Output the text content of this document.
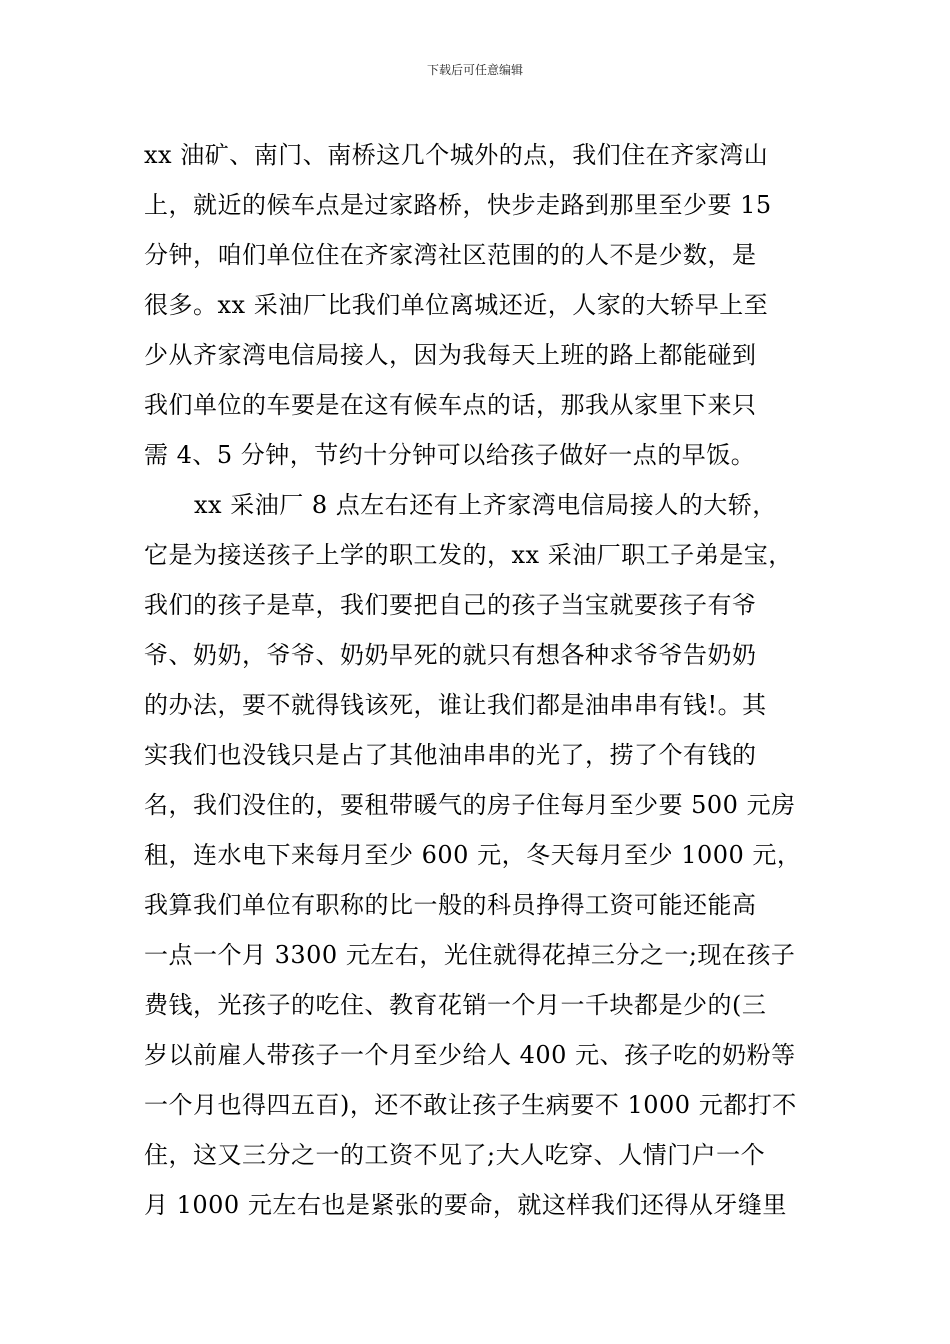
下载后可任意编辑
xx 油矿、南门、南桥这几个城外的点，我们住在齐家湾山
上，就近的候车点是过家路桥，快步走路到那里至少要 15
分钟，咱们单位住在齐家湾社区范围的的人不是少数，是
很多。xx 采油厂比我们单位离城还近，人家的大轿早上至
少从齐家湾电信局接人，因为我每天上班的路上都能碰到
我们单位的车要是在这有候车点的话，那我从家里下来只
需 4、5 分钟，节约十分钟可以给孩子做好一点的早饭。
xx 采油厂 8 点左右还有上齐家湾电信局接人的大轿，
它是为接送孩子上学的职工发的，xx 采油厂职工子弟是宝，
我们的孩子是草，我们要把自己的孩子当宝就要孩子有爷
爷、奶奶，爷爷、奶奶早死的就只有想各种求爷爷告奶奶
的办法，要不就得钱该死，谁让我们都是油串串有钱!。其
实我们也没钱只是占了其他油串串的光了，捞了个有钱的
名，我们没住的，要租带暖气的房子住每月至少要 500 元房
租，连水电下来每月至少 600 元，冬天每月至少 1000 元，
我算我们单位有职称的比一般的科员挣得工资可能还能高
一点一个月 3300 元左右，光住就得花掉三分之一;现在孩子
费钱，光孩子的吃住、教育花销一个月一千块都是少的(三
岁以前雇人带孩子一个月至少给人 400 元、孩子吃的奶粉等
一个月也得四五百)，还不敢让孩子生病要不 1000 元都打不
住，这又三分之一的工资不见了;大人吃穿、人情门户一个
月 1000 元左右也是紧张的要命，就这样我们还得从牙缝里
